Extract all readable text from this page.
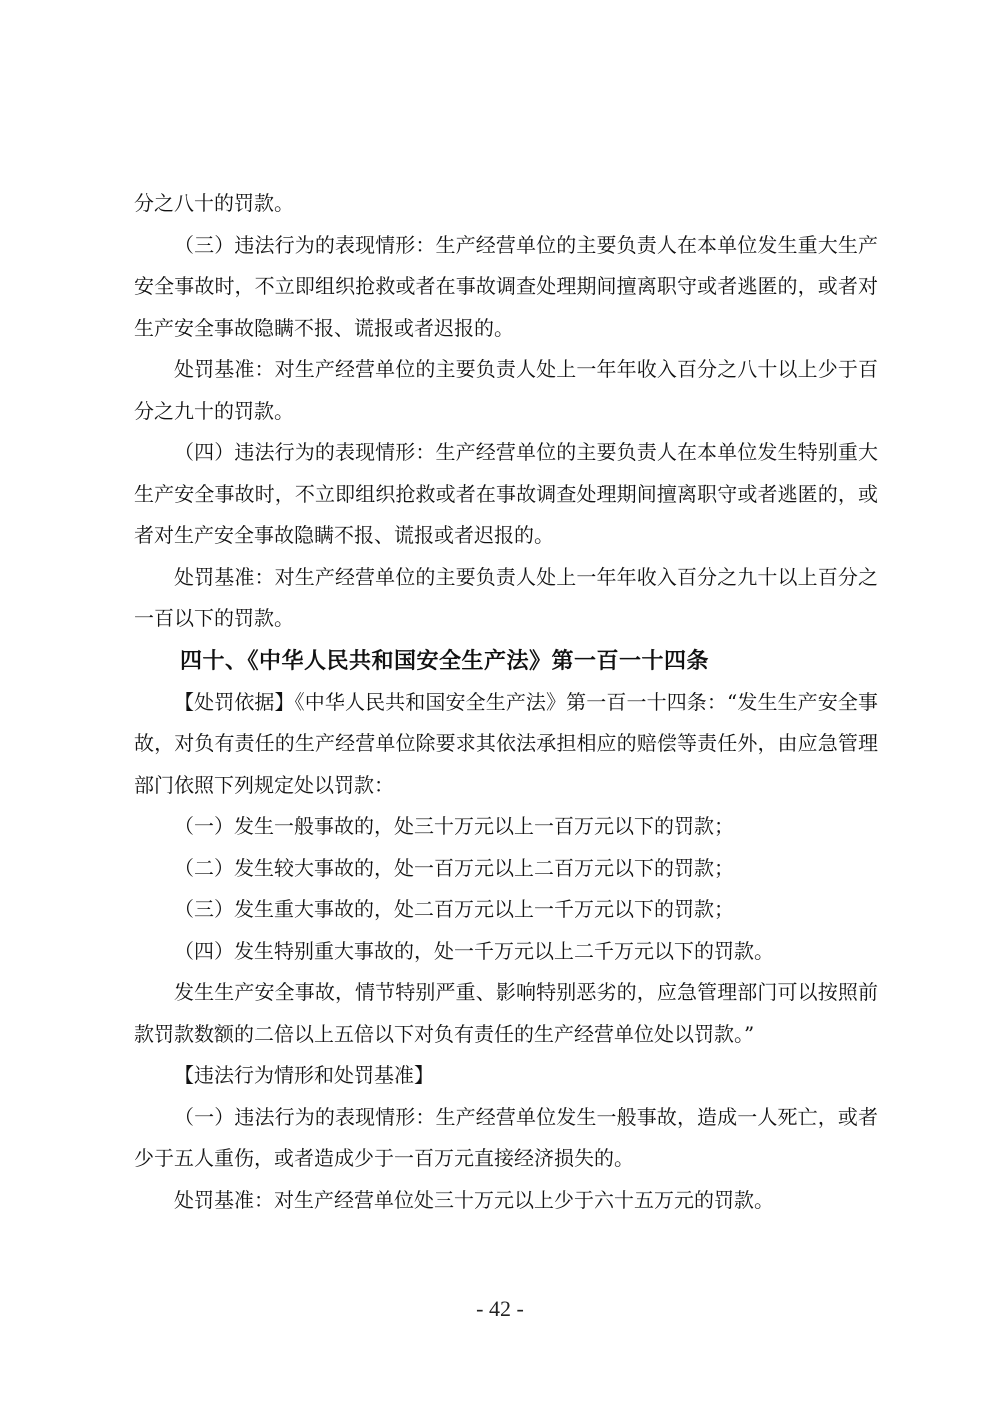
分之八十的罚款。

（三）违法行为的表现情形：生产经营单位的主要负责人在本单位发生重大生产安全事故时，不立即组织抢救或者在事故调查处理期间擅离职守或者逃匿的，或者对生产安全事故隐瞒不报、谎报或者迟报的。

处罚基准：对生产经营单位的主要负责人处上一年年收入百分之八十以上少于百分之九十的罚款。

（四）违法行为的表现情形：生产经营单位的主要负责人在本单位发生特别重大生产安全事故时，不立即组织抢救或者在事故调查处理期间擅离职守或者逃匿的，或者对生产安全事故隐瞒不报、谎报或者迟报的。

处罚基准：对生产经营单位的主要负责人处上一年年收入百分之九十以上百分之一百以下的罚款。

四十、《中华人民共和国安全生产法》第一百一十四条

【处罚依据】《中华人民共和国安全生产法》第一百一十四条：“发生生产安全事故，对负有责任的生产经营单位除要求其依法承担相应的赔偿等责任外，由应急管理部门依照下列规定处以罚款：

（一）发生一般事故的，处三十万元以上一百万元以下的罚款；

（二）发生较大事故的，处一百万元以上二百万元以下的罚款；

（三）发生重大事故的，处二百万元以上一千万元以下的罚款；

（四）发生特别重大事故的，处一千万元以上二千万元以下的罚款。

发生生产安全事故，情节特别严重、影响特别恶劣的，应急管理部门可以按照前款罚款数额的二倍以上五倍以下对负有责任的生产经营单位处以罚款。”

【违法行为情形和处罚基准】

（一）违法行为的表现情形：生产经营单位发生一般事故，造成一人死亡，或者少于五人重伤，或者造成少于一百万元直接经济损失的。

处罚基准：对生产经营单位处三十万元以上少于六十五万元的罚款。

- 42 -
